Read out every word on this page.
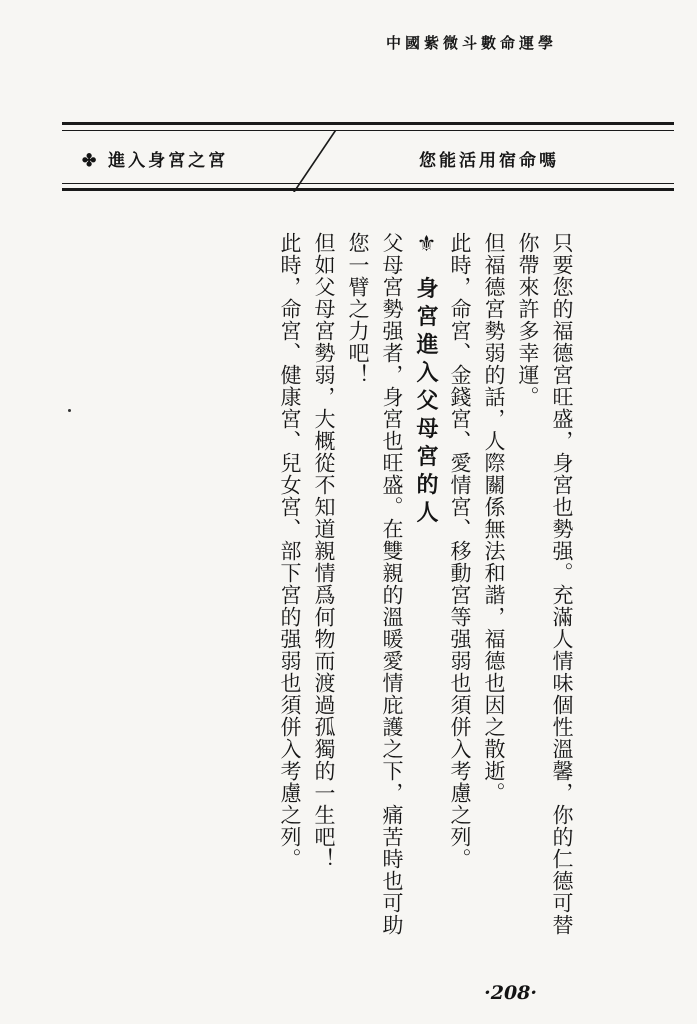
中國紫微斗數命運學
✤ 進入身宮之宮	您能活用宿命嗎

只要您的福德宮旺盛，身宮也勢强。充滿人情味個性溫馨，你的仁德可替你帶來許多幸運。

但福德宮勢弱的話，人際關係無法和諧，福德也因之散逝。

此時，命宮、金錢宮、愛情宮、移動宮等强弱也須併入考慮之列。

⚜ 身宮進入父母宮的人

父母宮勢强者，身宮也旺盛。在雙親的溫暖愛情庇護之下，痛苦時也可助您一臂之力吧！

但如父母宮勢弱，大概從不知道親情爲何物而渡過孤獨的一生吧！

此時，命宮、健康宮、兒女宮、部下宮的强弱也須併入考慮之列。

·208·
